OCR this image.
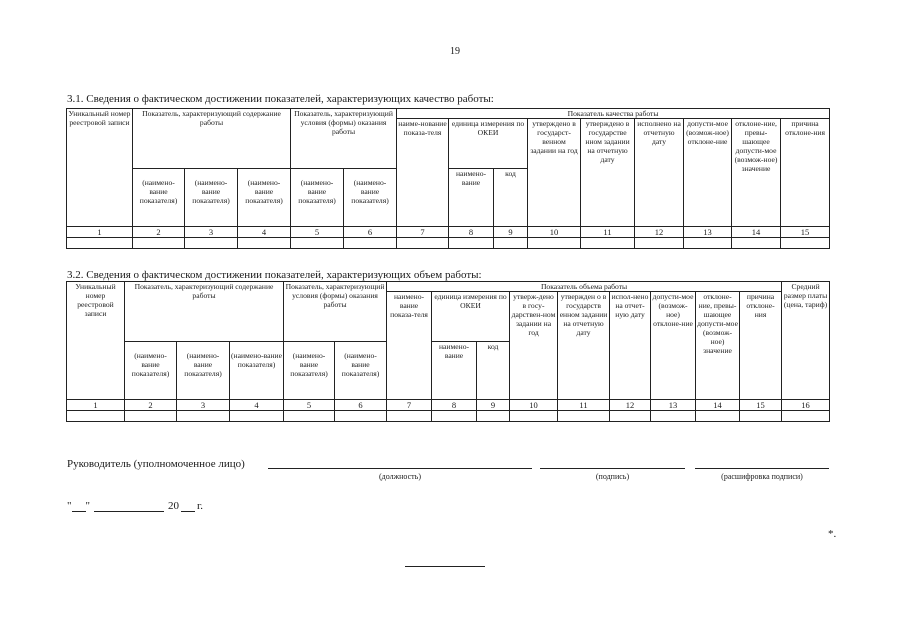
19
3.1. Сведения о фактическом достижении показателей, характеризующих качество работы:
Уникальный номер реестровой записи	Показатель, характеризующий содержание работы			Показатель, характеризующий условия (формы) оказания работы		Показатель качества работы								
						наиме-нование показа-теля	единица измерения по ОКЕИ		утверждено в государст-венном задании на год	утверждено в государстве нном задании на отчетную дату	исполнено на отчетную дату	допусти-мое (возмож-ное) отклоне-ние	отклоне-ние, превы-шающее допусти-мое (возмож-ное) значение	причина отклоне-ния
	(наимено-вание показателя)	(наимено-вание показателя)	(наимено-вание показателя)	(наимено-вание показателя)	(наимено-вание показателя)		наимено-вание	код						
1	2	3	4	5	6	7	8	9	10	11	12	13	14	15

3.2. Сведения о фактическом достижении показателей, характеризующих объем работы:
Уникальный номер реестровой записи	Показатель, характеризующий содержание работы			Показатель, характеризующий условия (формы) оказания работы		Показатель объема работы									Средний размер платы (цена, тариф)
						наимено-вание показа-теля	единица измерения по ОКЕИ		утверж-дено в госу-дарствен-ном задании на год	утвержден о в государств енном задании на отчетную дату	испол-нено на отчет-ную дату	допусти-мое (возмож-ное) отклоне-ние	отклоне-ние, превы-шающее допусти-мое (возмож-ное) значение	причина отклоне-ния	
	(наимено-вание показателя)	(наимено-вание показателя)	(наимено-вание показателя)	(наимено-вание показателя)	(наимено-вание показателя)		наимено-вание	код							
1	2	3	4	5	6	7	8	9	10	11	12	13	14	15	16

Руководитель (уполномоченное лицо)
(должность)	(подпись)	(расшифровка подписи)
" "	20 г.
*.
